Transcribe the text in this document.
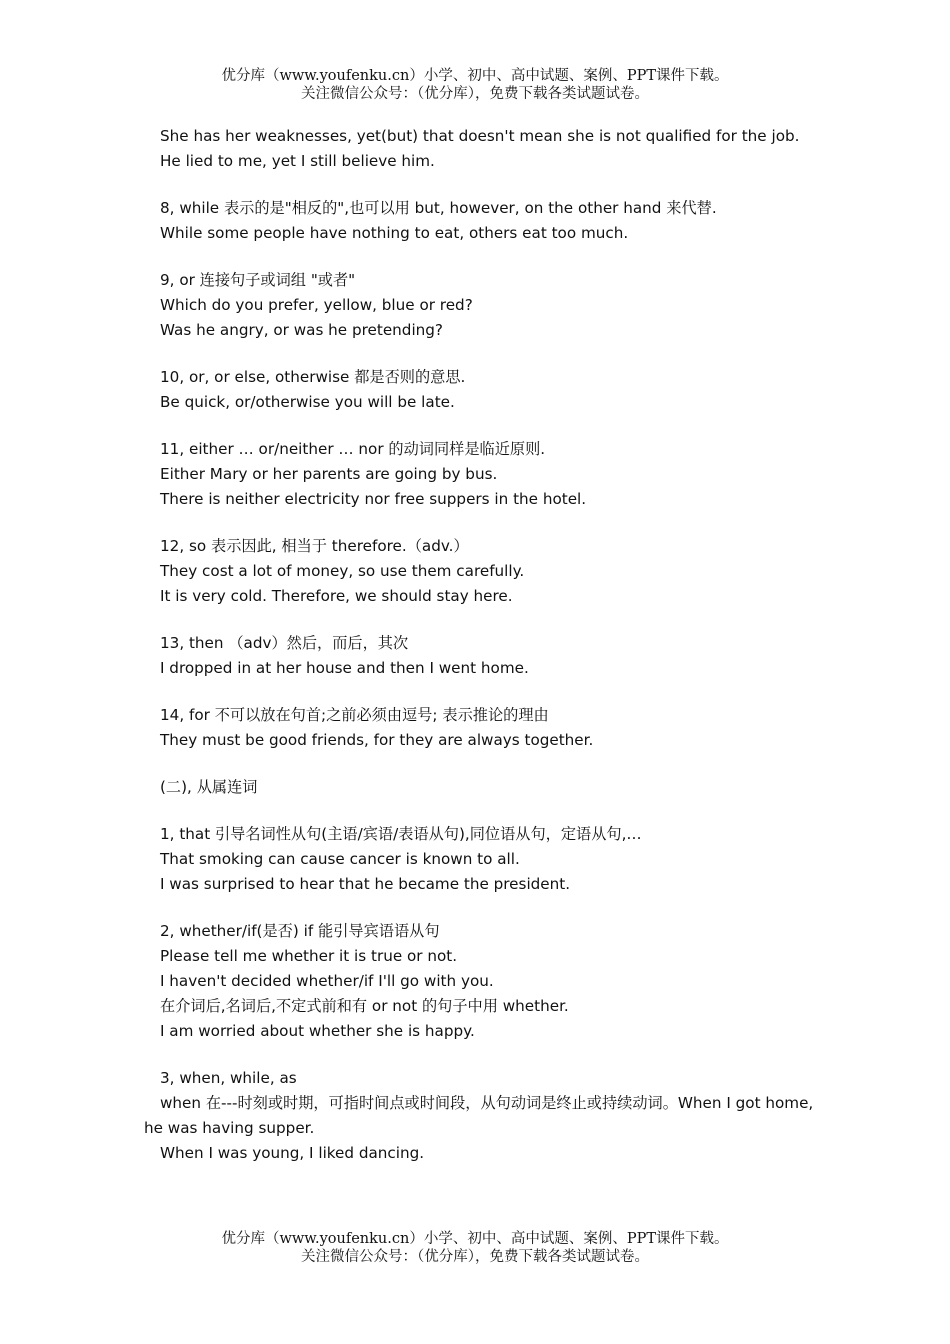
优分库（www.youfenku.cn）小学、初中、高中试题、案例、PPT课件下载。
关注微信公众号：（优分库），免费下载各类试题试卷。
She has her weaknesses, yet(but) that doesn't mean she is not qualified for the job.
He lied to me, yet I still believe him.
8, while 表示的是"相反的",也可以用 but, however, on the other hand 来代替.
While some people have nothing to eat, others eat too much.
9, or 连接句子或词组 "或者"
Which do you prefer, yellow, blue or red?
Was he angry, or was he pretending?
10, or, or else, otherwise 都是否则的意思.
Be quick, or/otherwise you will be late.
11, either … or/neither … nor 的动词同样是临近原则.
Either Mary or her parents are going by bus.
There is neither electricity nor free suppers in the hotel.
12, so 表示因此, 相当于 therefore.（adv.）
They cost a lot of money, so use them carefully.
It is very cold. Therefore, we should stay here.
13, then （adv）然后，而后，其次
I dropped in at her house and then I went home.
14, for 不可以放在句首;之前必须由逗号; 表示推论的理由
They must be good friends, for they are always together.
(二), 从属连词
1, that 引导名词性从句(主语/宾语/表语从句),同位语从句，定语从句,…
That smoking can cause cancer is known to all.
I was surprised to hear that he became the president.
2, whether/if(是否) if 能引导宾语语从句
Please tell me whether it is true or not.
I haven't decided whether/if I'll go with you.
在介词后,名词后,不定式前和有 or not 的句子中用 whether.
I am worried about whether she is happy.
3, when, while, as
when 在---时刻或时期，可指时间点或时间段，从句动词是终止或持续动词。When I got home, he was having supper.
When I was young, I liked dancing.
优分库（www.youfenku.cn）小学、初中、高中试题、案例、PPT课件下载。
关注微信公众号：（优分库），免费下载各类试题试卷。
